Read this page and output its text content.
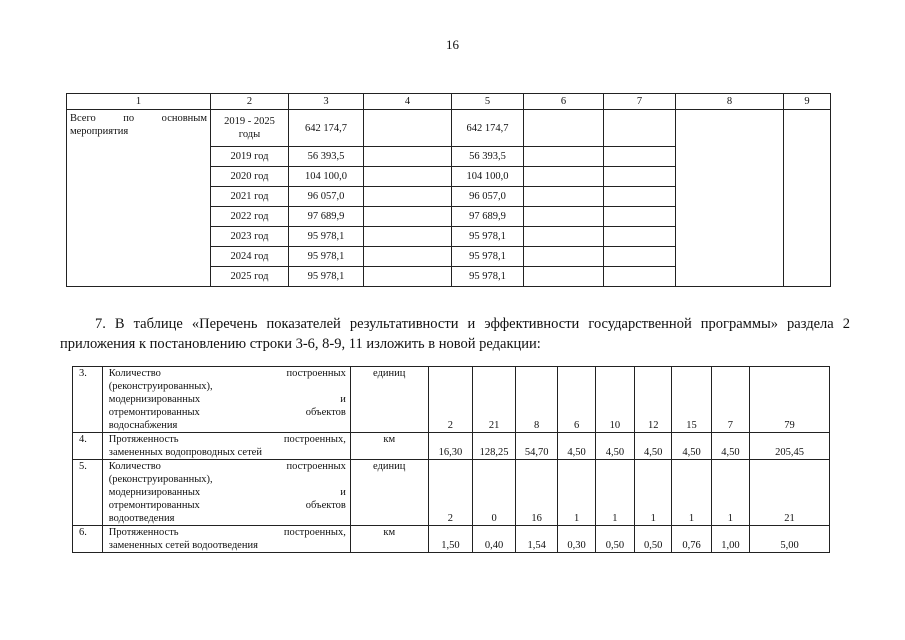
16
1	2	3	4	5	6	7	8	9

Всего по основным
мероприятия	2019 - 2025 годы	642 174,7		642 174,7				
	2019 год	56 393,5		56 393,5				
	2020 год	104 100,0		104 100,0				
	2021 год	96 057,0		96 057,0				
	2022 год	97 689,9		97 689,9				
	2023 год	95 978,1		95 978,1				
	2024 год	95 978,1		95 978,1				
	2025 год	95 978,1		95 978,1				
7. В таблице «Перечень показателей результативности и эффективности государственной программы» раздела 2 приложения к постановлению строки 3-6, 8-9, 11 изложить в новой редакции:
3.	Количество построенных
(реконструированных),
модернизированных и
отремонтированных объектов
водоснабжения	единиц	2	21	8	6	10	12	15	7	79
4.	Протяженность построенных,
замененных водопроводных сетей	км	16,30	128,25	54,70	4,50	4,50	4,50	4,50	4,50	205,45
5.	Количество построенных
(реконструированных),
модернизированных и
отремонтированных объектов
водоотведения	единиц	2	0	16	1	1	1	1	1	21
6.	Протяженность построенных,
замененных сетей водоотведения	км	1,50	0,40	1,54	0,30	0,50	0,50	0,76	1,00	5,00
